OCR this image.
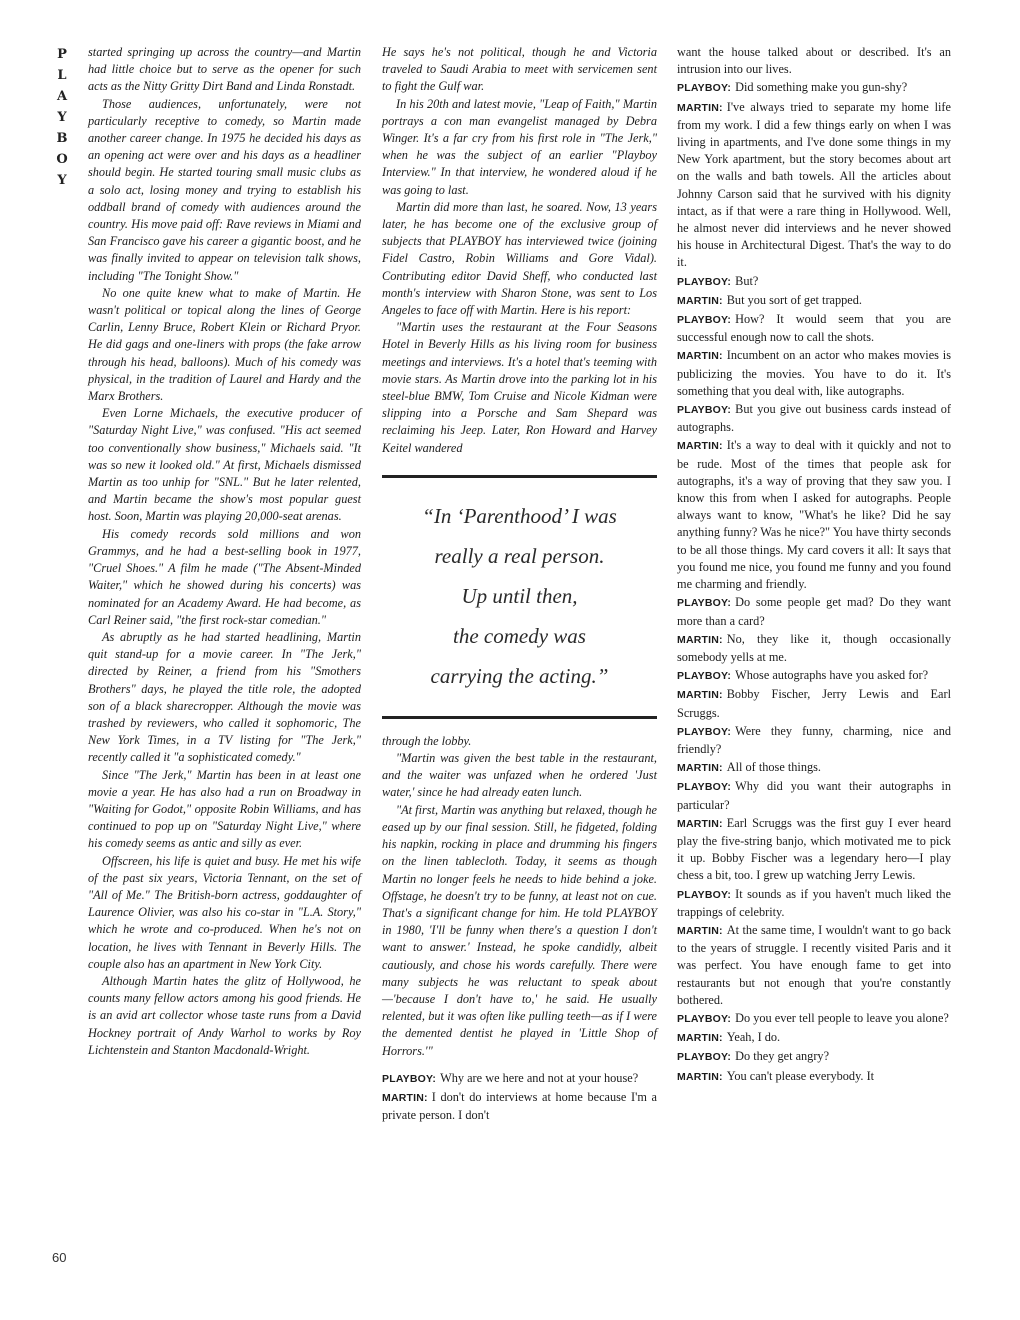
P
L
A
Y
B
O
Y
60

started springing up across the country—and Martin had little choice but to serve as the opener for such acts as the Nitty Gritty Dirt Band and Linda Ronstadt.

Those audiences, unfortunately, were not particularly receptive to comedy, so Martin made another career change. In 1975 he decided his days as an opening act were over and his days as a headliner should begin. He started touring small music clubs as a solo act, losing money and trying to establish his oddball brand of comedy with audiences around the country. His move paid off: Rave reviews in Miami and San Francisco gave his career a gigantic boost, and he was finally invited to appear on television talk shows, including "The Tonight Show."

No one quite knew what to make of Martin. He wasn't political or topical along the lines of George Carlin, Lenny Bruce, Robert Klein or Richard Pryor. He did gags and one-liners with props (the fake arrow through his head, balloons). Much of his comedy was physical, in the tradition of Laurel and Hardy and the Marx Brothers.

Even Lorne Michaels, the executive producer of "Saturday Night Live," was confused. "His act seemed too conventionally show business," Michaels said. "It was so new it looked old." At first, Michaels dismissed Martin as too unhip for "SNL." But he later relented, and Martin became the show's most popular guest host. Soon, Martin was playing 20,000-seat arenas.

His comedy records sold millions and won Grammys, and he had a best-selling book in 1977, "Cruel Shoes." A film he made ("The Absent-Minded Waiter," which he showed during his concerts) was nominated for an Academy Award. He had become, as Carl Reiner said, "the first rock-star comedian."

As abruptly as he had started headlining, Martin quit stand-up for a movie career. In "The Jerk," directed by Reiner, a friend from his "Smothers Brothers" days, he played the title role, the adopted son of a black sharecropper. Although the movie was trashed by reviewers, who called it sophomoric, The New York Times, in a TV listing for "The Jerk," recently called it "a sophisticated comedy."

Since "The Jerk," Martin has been in at least one movie a year. He has also had a run on Broadway in "Waiting for Godot," opposite Robin Williams, and has continued to pop up on "Saturday Night Live," where his comedy seems as antic and silly as ever.

Offscreen, his life is quiet and busy. He met his wife of the past six years, Victoria Tennant, on the set of "All of Me." The British-born actress, goddaughter of Laurence Olivier, was also his co-star in "L.A. Story," which he wrote and co-produced. When he's not on location, he lives with Tennant in Beverly Hills. The couple also has an apartment in New York City.

Although Martin hates the glitz of Hollywood, he counts many fellow actors among his good friends. He is an avid art collector whose taste runs from a David Hockney portrait of Andy Warhol to works by Roy Lichtenstein and Stanton Macdonald-Wright.

He says he's not political, though he and Victoria traveled to Saudi Arabia to meet with servicemen sent to fight the Gulf war.

In his 20th and latest movie, "Leap of Faith," Martin portrays a con man evangelist managed by Debra Winger. It's a far cry from his first role in "The Jerk," when he was the subject of an earlier "Playboy Interview." In that interview, he wondered aloud if he was going to last.

Martin did more than last, he soared. Now, 13 years later, he has become one of the exclusive group of subjects that PLAYBOY has interviewed twice (joining Fidel Castro, Robin Williams and Gore Vidal). Contributing editor David Sheff, who conducted last month's interview with Sharon Stone, was sent to Los Angeles to face off with Martin. Here is his report:

"Martin uses the restaurant at the Four Seasons Hotel in Beverly Hills as his living room for business meetings and interviews. It's a hotel that's teeming with movie stars. As Martin drove into the parking lot in his steel-blue BMW, Tom Cruise and Nicole Kidman were slipping into a Porsche and Sam Shepard was reclaiming his Jeep. Later, Ron Howard and Harvey Keitel wandered

“In ‘Parenthood’ I was
really a real person.
Up until then,
the comedy was
carrying the acting.”

through the lobby.

"Martin was given the best table in the restaurant, and the waiter was unfazed when he ordered 'Just water,' since he had already eaten lunch.

"At first, Martin was anything but relaxed, though he eased up by our final session. Still, he fidgeted, folding his napkin, rocking in place and drumming his fingers on the linen tablecloth. Today, it seems as though Martin no longer feels he needs to hide behind a joke. Offstage, he doesn't try to be funny, at least not on cue. That's a significant change for him. He told PLAYBOY in 1980, 'I'll be funny when there's a question I don't want to answer.' Instead, he spoke candidly, albeit cautiously, and chose his words carefully. There were many subjects he was reluctant to speak about—'because I don't have to,' he said. He usually relented, but it was often like pulling teeth—as if I were the demented dentist he played in 'Little Shop of Horrors.'"

PLAYBOY: Why are we here and not at your house?

MARTIN: I don't do interviews at home because I'm a private person. I don't

want the house talked about or described. It's an intrusion into our lives.

PLAYBOY: Did something make you gun-shy?

MARTIN: I've always tried to separate my home life from my work. I did a few things early on when I was living in apartments, and I've done some things in my New York apartment, but the story becomes about art on the walls and bath towels. All the articles about Johnny Carson said that he survived with his dignity intact, as if that were a rare thing in Hollywood. Well, he almost never did interviews and he never showed his house in Architectural Digest. That's the way to do it.

PLAYBOY: But?

MARTIN: But you sort of get trapped.

PLAYBOY: How? It would seem that you are successful enough now to call the shots.

MARTIN: Incumbent on an actor who makes movies is publicizing the movies. You have to do it. It's something that you deal with, like autographs.

PLAYBOY: But you give out business cards instead of autographs.

MARTIN: It's a way to deal with it quickly and not to be rude. Most of the times that people ask for autographs, it's a way of proving that they saw you. I know this from when I asked for autographs. People always want to know, "What's he like? Did he say anything funny? Was he nice?" You have thirty seconds to be all those things. My card covers it all: It says that you found me nice, you found me funny and you found me charming and friendly.

PLAYBOY: Do some people get mad? Do they want more than a card?

MARTIN: No, they like it, though occasionally somebody yells at me.

PLAYBOY: Whose autographs have you asked for?

MARTIN: Bobby Fischer, Jerry Lewis and Earl Scruggs.

PLAYBOY: Were they funny, charming, nice and friendly?

MARTIN: All of those things.

PLAYBOY: Why did you want their autographs in particular?

MARTIN: Earl Scruggs was the first guy I ever heard play the five-string banjo, which motivated me to pick it up. Bobby Fischer was a legendary hero—I play chess a bit, too. I grew up watching Jerry Lewis.

PLAYBOY: It sounds as if you haven't much liked the trappings of celebrity.

MARTIN: At the same time, I wouldn't want to go back to the years of struggle. I recently visited Paris and it was perfect. You have enough fame to get into restaurants but not enough that you're constantly bothered.

PLAYBOY: Do you ever tell people to leave you alone?

MARTIN: Yeah, I do.

PLAYBOY: Do they get angry?

MARTIN: You can't please everybody. It
